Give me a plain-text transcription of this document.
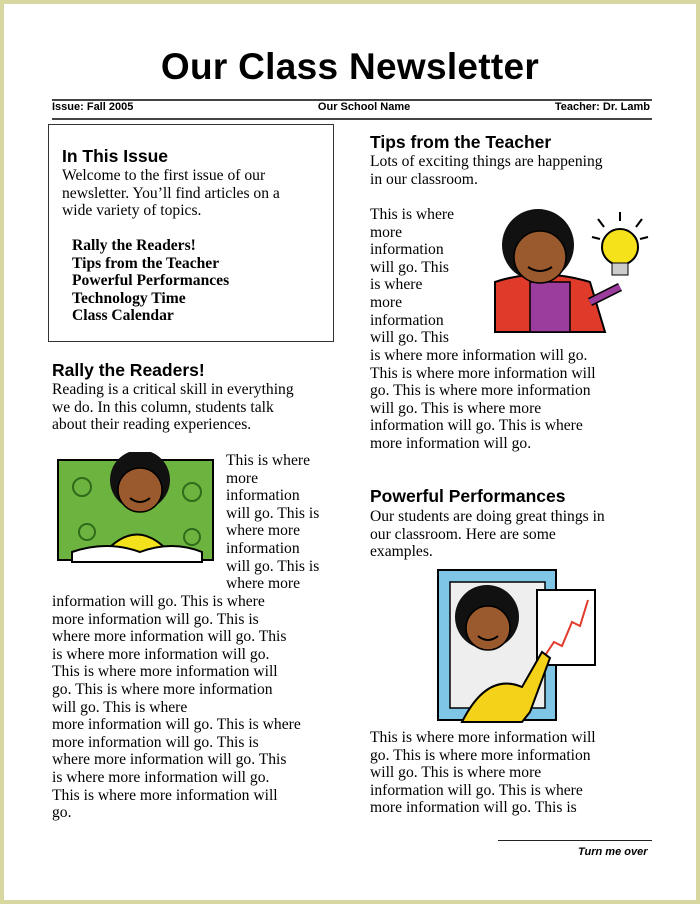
Our Class Newsletter
Issue: Fall 2005	Our School Name	Teacher: Dr. Lamb
In This Issue
Welcome to the first issue of our
newsletter. You’ll find articles on a
wide variety of topics.
Rally the Readers!
Tips from the Teacher
Powerful Performances
Technology Time
Class Calendar
Rally the Readers!
Reading is a critical skill in everything
we do. In this column, students talk
about their reading experiences.
This is where
more
information
will go. This is
where more
information
will go. This is
where more
information will go. This is where
more information will go. This is
where more information will go. This
is where more information will go.
This is where more information will
go. This is where more information
will go. This is where
more information will go. This is where
more information will go. This is
where more information will go. This
is where more information will go.
This is where more information will
go.
Tips from the Teacher
Lots of exciting things are happening
in our classroom.
This is where
more
information
will go. This
is where
more
information
will go. This
is where more information will go.
This is where more information will
go. This is where more information
will go. This is where more
information will go. This is where
more information will go.
Powerful Performances
Our students are doing great things in
our classroom. Here are some
examples.
This is where more information will
go. This is where more information
will go. This is where more
information will go. This is where
more information will go. This is
Turn me over
